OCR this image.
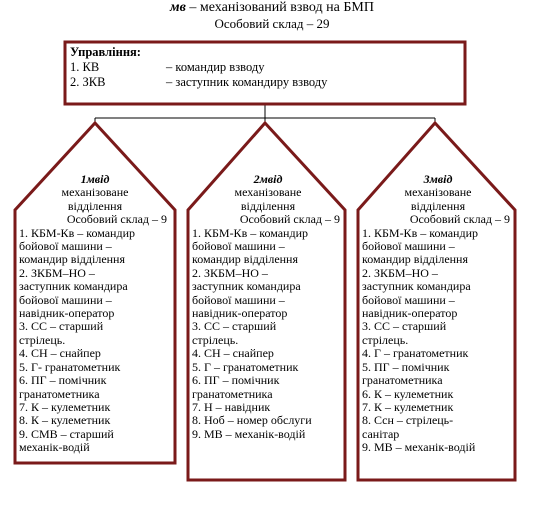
мв – механізований взвод на БМП
Особовий склад – 29
Управління:
1. КВ	– командир взводу
2. ЗКВ	– заступник командиру взводу
1мвід
механізоване
відділення
Особовий склад – 9
1. КБМ-Кв – командир
бойової машини –
командир відділення
2. ЗКБМ–НО –
заступник командира
бойової машини –
навідник-оператор
3. СС – старший
стрілець.
4. СН – снайпер
5. Г- гранатометник
6. ПГ – помічник
гранатометника
7. К – кулеметник
8. К – кулеметник
9. СМВ – старший
механік-водій
2мвід
механізоване
відділення
Особовий склад – 9
1. КБМ-Кв – командир
бойової машини –
командир відділення
2. ЗКБМ–НО –
заступник командира
бойової машини –
навідник-оператор
3. СС – старший
стрілець.
4. СН – снайпер
5. Г – гранатометник
6. ПГ – помічник
гранатометника
7. Н – навідник
8. Ноб – номер обслуги
9. МВ – механік-водій
3мвід
механізоване
відділення
Особовий склад – 9
1. КБМ-Кв – командир
бойової машини –
командир відділення
2. ЗКБМ–НО –
заступник командира
бойової машини –
навідник-оператор
3. СС – старший
стрілець.
4. Г – гранатометник
5. ПГ – помічник
гранатометника
6. К – кулеметник
7. К – кулеметник
8. Ссн – стрілець-
санітар
9. МВ – механік-водій
